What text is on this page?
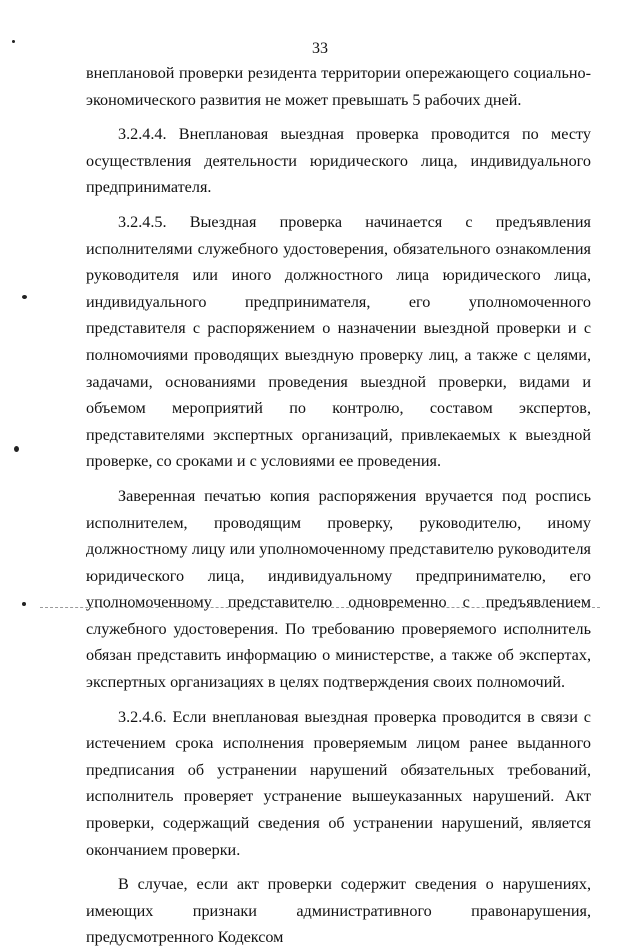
33

внеплановой проверки резидента территории опережающего социально-экономического развития не может превышать 5 рабочих дней.

3.2.4.4. Внеплановая выездная проверка проводится по месту осуществления деятельности юридического лица, индивидуального предпринимателя.

3.2.4.5. Выездная проверка начинается с предъявления исполнителями служебного удостоверения, обязательного ознакомления руководителя или иного должностного лица юридического лица, индивидуального предпринимателя, его уполномоченного представителя с распоряжением о назначении выездной проверки и с полномочиями проводящих выездную проверку лиц, а также с целями, задачами, основаниями проведения выездной проверки, видами и объемом мероприятий по контролю, составом экспертов, представителями экспертных организаций, привлекаемых к выездной проверке, со сроками и с условиями ее проведения.

Заверенная печатью копия распоряжения вручается под роспись исполнителем, проводящим проверку, руководителю, иному должностному лицу или уполномоченному представителю руководителя юридического лица, индивидуальному предпринимателю, его уполномоченному представителю одновременно с предъявлением служебного удостоверения. По требованию проверяемого исполнитель обязан представить информацию о министерстве, а также об экспертах, экспертных организациях в целях подтверждения своих полномочий.

3.2.4.6. Если внеплановая выездная проверка проводится в связи с истечением срока исполнения проверяемым лицом ранее выданного предписания об устранении нарушений обязательных требований, исполнитель проверяет устранение вышеуказанных нарушений. Акт проверки, содержащий сведения об устранении нарушений, является окончанием проверки.

В случае, если акт проверки содержит сведения о нарушениях, имеющих признаки административного правонарушения, предусмотренного Кодексом
